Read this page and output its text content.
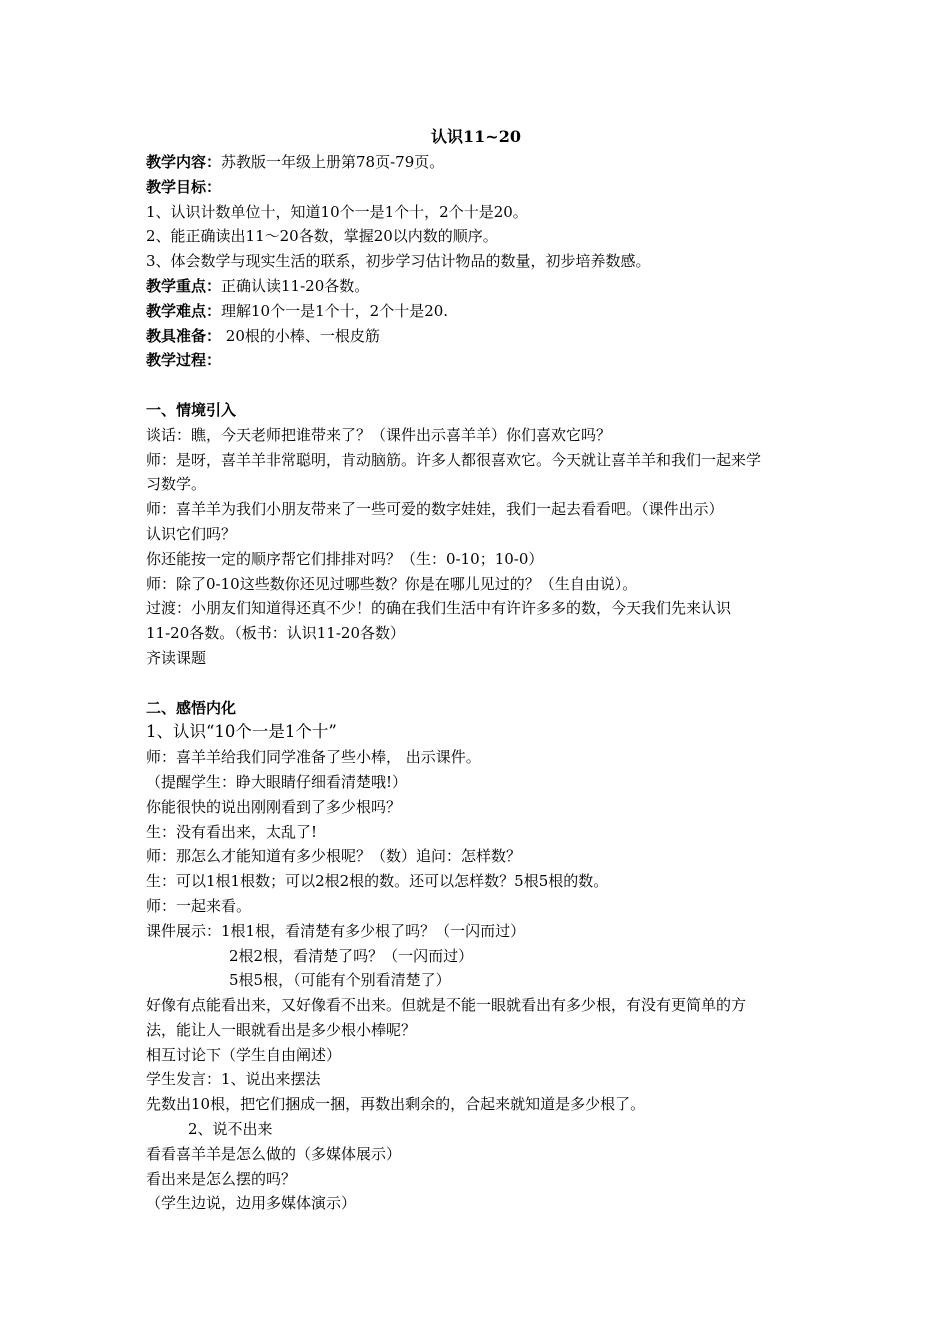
认识11~20
教学内容：苏教版一年级上册第78页-79页。
教学目标：
1、认识计数单位十，知道10个一是1个十，2个十是20。
2、能正确读出11～20各数，掌握20以内数的顺序。
3、体会数学与现实生活的联系，初步学习估计物品的数量，初步培养数感。
教学重点：正确认读11-20各数。
教学难点：理解10个一是1个十，2个十是20.
教具准备： 20根的小棒、一根皮筋
教学过程：
一、情境引入
谈话：瞧，今天老师把谁带来了？（课件出示喜羊羊）你们喜欢它吗？
师：是呀，喜羊羊非常聪明，肯动脑筋。许多人都很喜欢它。今天就让喜羊羊和我们一起来学
习数学。
师：喜羊羊为我们小朋友带来了一些可爱的数字娃娃，我们一起去看看吧。（课件出示）
认识它们吗？
你还能按一定的顺序帮它们排排对吗？（生：0-10；10-0）
师：除了0-10这些数你还见过哪些数？你是在哪儿见过的？（生自由说）。
过渡：小朋友们知道得还真不少！的确在我们生活中有许许多多的数，今天我们先来认识
11-20各数。（板书：认识11-20各数）
齐读课题
二、感悟内化
1、认识“10个一是1个十”
师：喜羊羊给我们同学准备了些小棒， 出示课件。
（提醒学生：睁大眼睛仔细看清楚哦!）
你能很快的说出刚刚看到了多少根吗？
生：没有看出来，太乱了!
师：那怎么才能知道有多少根呢？（数）追问：怎样数？
生：可以1根1根数；可以2根2根的数。还可以怎样数？5根5根的数。
师：一起来看。
课件展示：1根1根，看清楚有多少根了吗？（一闪而过）
2根2根，看清楚了吗？（一闪而过）
5根5根，（可能有个别看清楚了）
好像有点能看出来，又好像看不出来。但就是不能一眼就看出有多少根，有没有更简单的方
法，能让人一眼就看出是多少根小棒呢？
相互讨论下（学生自由阐述）
学生发言：1、说出来摆法
先数出10根，把它们捆成一捆，再数出剩余的，合起来就知道是多少根了。
2、说不出来
看看喜羊羊是怎么做的（多媒体展示）
看出来是怎么摆的吗？
（学生边说，边用多媒体演示）
